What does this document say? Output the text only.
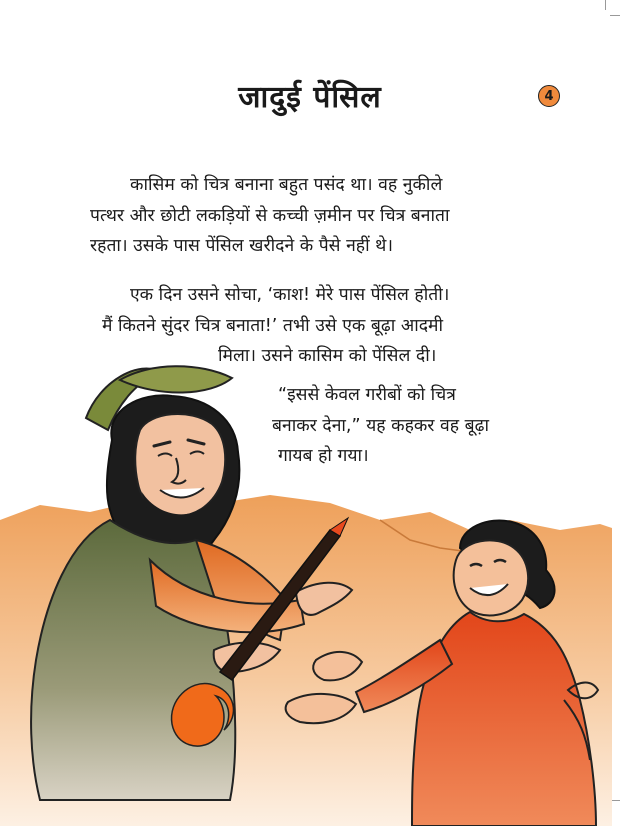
जादुई पेंसिल	4

कासिम को चित्र बनाना बहुत पसंद था। वह नुकीले
पत्थर और छोटी लकड़ियों से कच्ची ज़मीन पर चित्र बनाता
रहता। उसके पास पेंसिल खरीदने के पैसे नहीं थे।

एक दिन उसने सोचा, ‘काश! मेरे पास पेंसिल होती।
मैं कितने सुंदर चित्र बनाता!’ तभी उसे एक बूढ़ा आदमी
मिला। उसने कासिम को पेंसिल दी।

“इससे केवल गरीबों को चित्र
बनाकर देना,” यह कहकर वह बूढ़ा
गायब हो गया।
